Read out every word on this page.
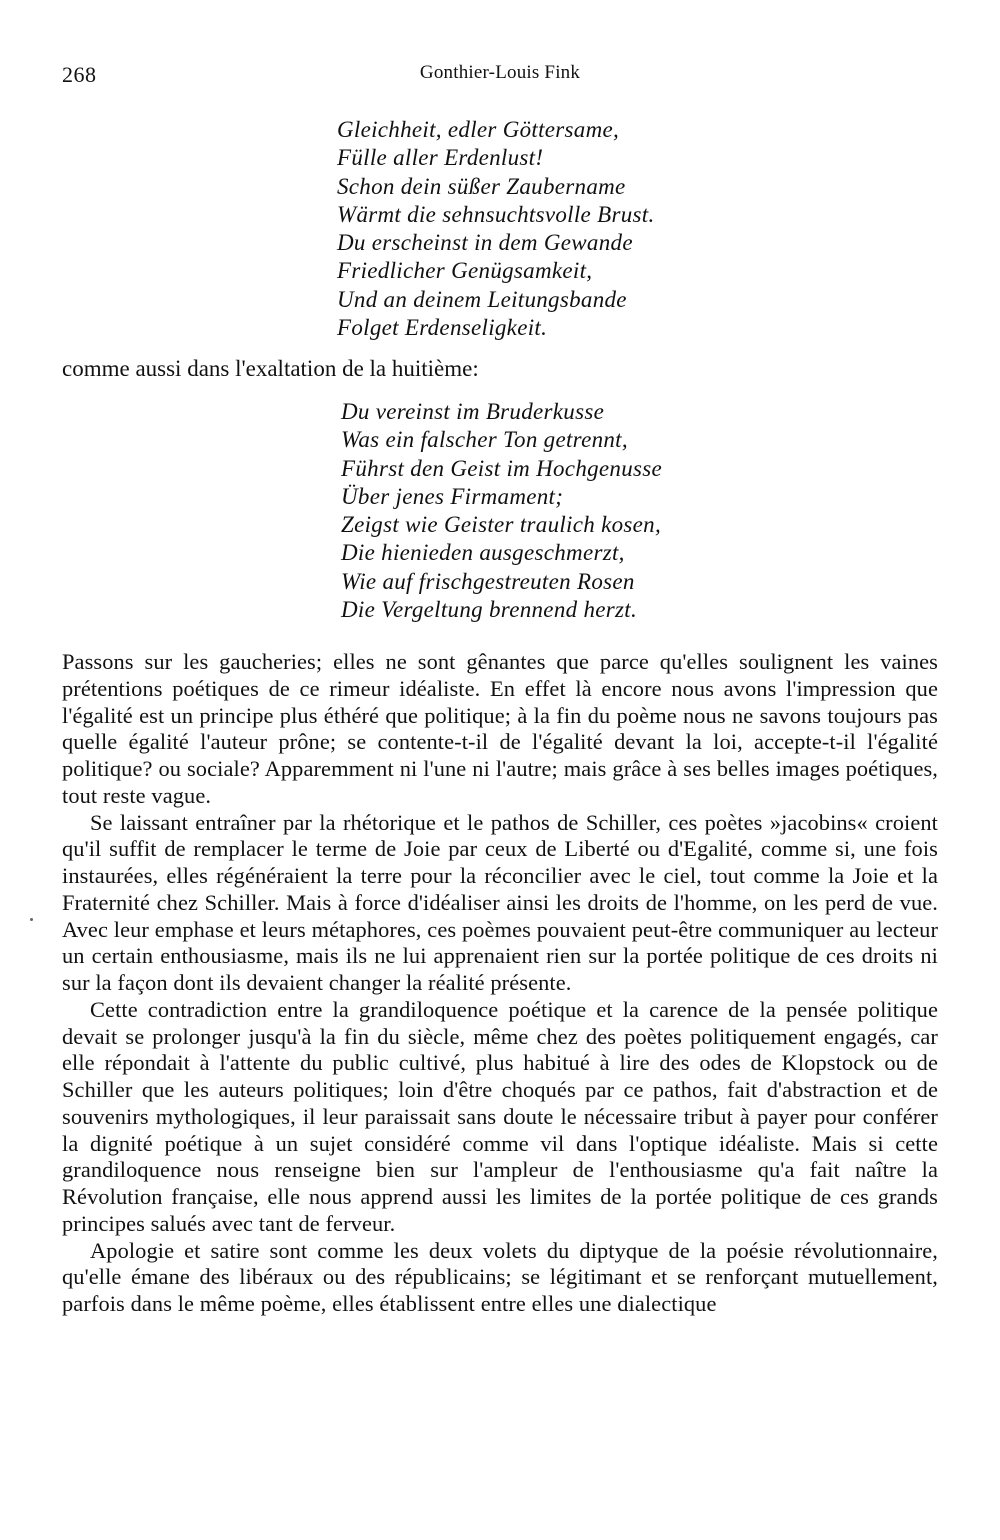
268	Gonthier-Louis Fink
Gleichheit, edler Göttersame,
Fülle aller Erdenlust!
Schon dein süßer Zaubername
Wärmt die sehnsuchtsvolle Brust.
Du erscheinst in dem Gewande
Friedlicher Genügsamkeit,
Und an deinem Leitungsbande
Folget Erdenseligkeit.
comme aussi dans l'exaltation de la huitième:
Du vereinst im Bruderkusse
Was ein falscher Ton getrennt,
Führst den Geist im Hochgenusse
Über jenes Firmament;
Zeigst wie Geister traulich kosen,
Die hienieden ausgeschmerzt,
Wie auf frischgestreuten Rosen
Die Vergeltung brennend herzt.

Passons sur les gaucheries; elles ne sont gênantes que parce qu'elles soulignent les vaines prétentions poétiques de ce rimeur idéaliste. En effet là encore nous avons l'impression que l'égalité est un principe plus éthéré que politique; à la fin du poème nous ne savons toujours pas quelle égalité l'auteur prône; se contente-t-il de l'égalité devant la loi, accepte-t-il l'égalité politique? ou sociale? Apparemment ni l'une ni l'autre; mais grâce à ses belles images poétiques, tout reste vague.

Se laissant entraîner par la rhétorique et le pathos de Schiller, ces poètes »jacobins« croient qu'il suffit de remplacer le terme de Joie par ceux de Liberté ou d'Egalité, comme si, une fois instaurées, elles régénéraient la terre pour la réconcilier avec le ciel, tout comme la Joie et la Fraternité chez Schiller. Mais à force d'idéaliser ainsi les droits de l'homme, on les perd de vue. Avec leur emphase et leurs métaphores, ces poèmes pouvaient peut-être communiquer au lecteur un certain enthousiasme, mais ils ne lui apprenaient rien sur la portée politique de ces droits ni sur la façon dont ils devaient changer la réalité présente.

Cette contradiction entre la grandiloquence poétique et la carence de la pensée politique devait se prolonger jusqu'à la fin du siècle, même chez des poètes politiquement engagés, car elle répondait à l'attente du public cultivé, plus habitué à lire des odes de Klopstock ou de Schiller que les auteurs politiques; loin d'être choqués par ce pathos, fait d'abstraction et de souvenirs mythologiques, il leur paraissait sans doute le nécessaire tribut à payer pour conférer la dignité poétique à un sujet considéré comme vil dans l'optique idéaliste. Mais si cette grandiloquence nous renseigne bien sur l'ampleur de l'enthousiasme qu'a fait naître la Révolution française, elle nous apprend aussi les limites de la portée politique de ces grands principes salués avec tant de ferveur.

Apologie et satire sont comme les deux volets du diptyque de la poésie révolutionnaire, qu'elle émane des libéraux ou des républicains; se légitimant et se renforçant mutuellement, parfois dans le même poème, elles établissent entre elles une dialectique
